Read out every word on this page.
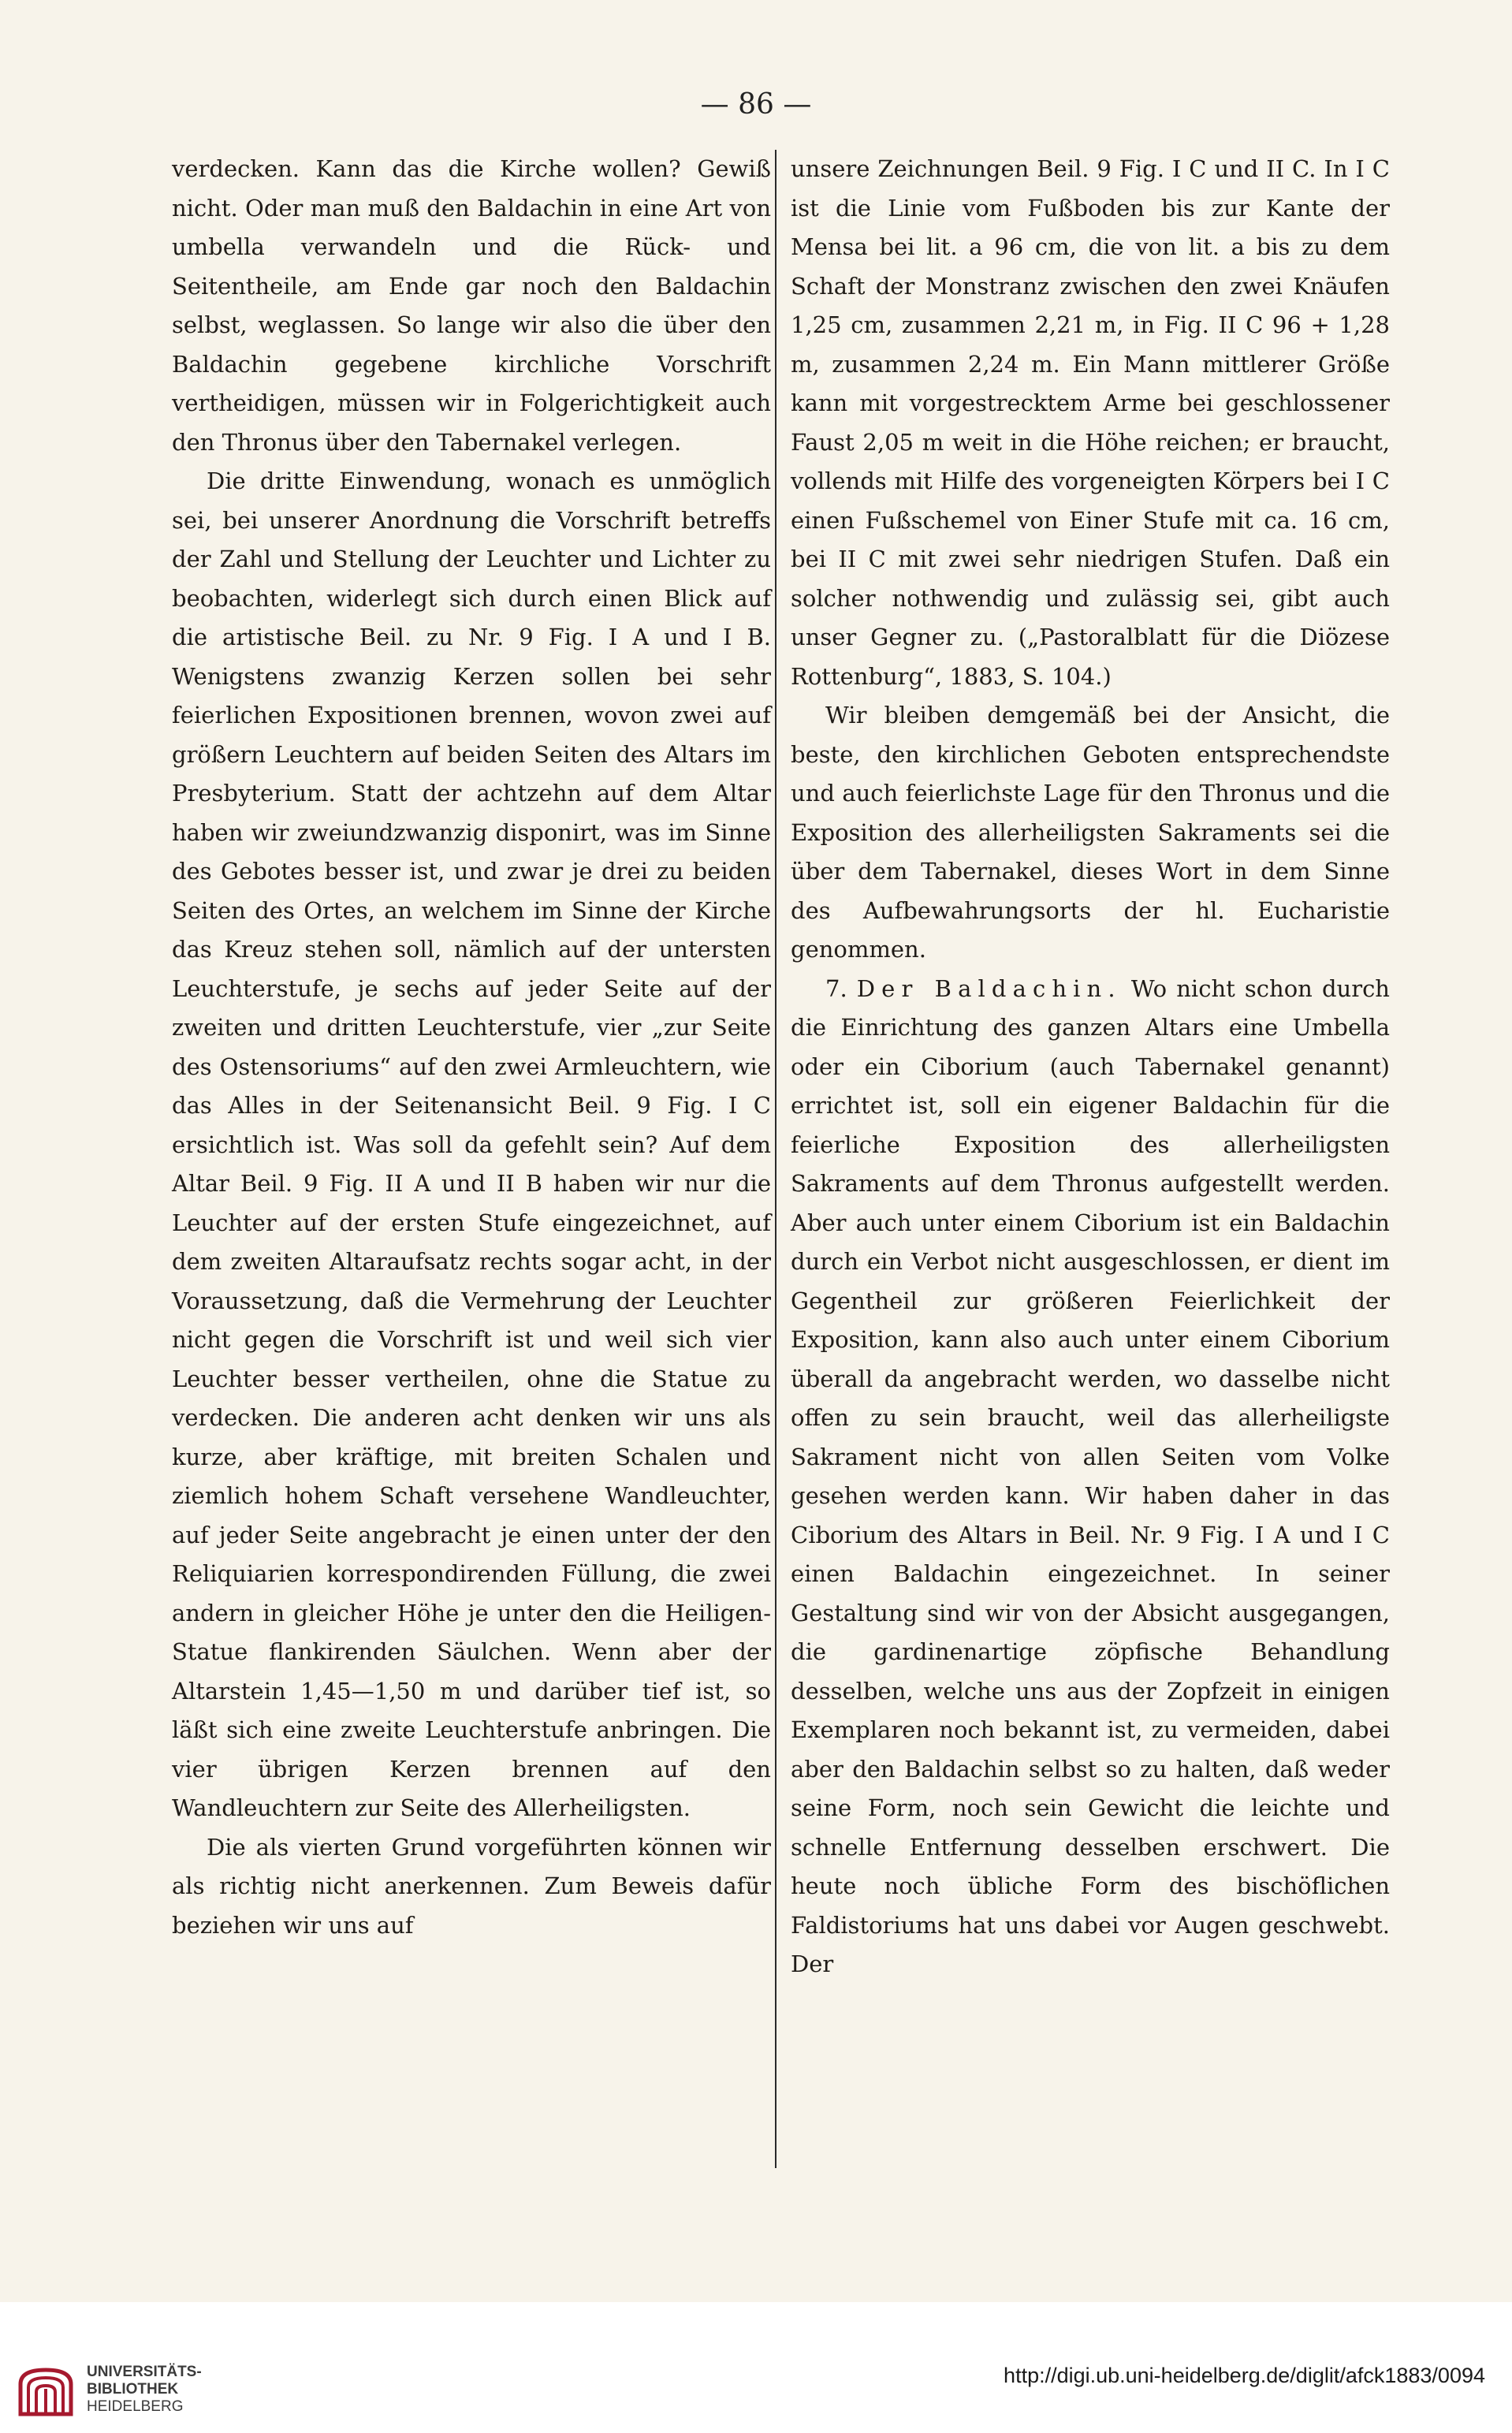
— 86 —

verdecken. Kann das die Kirche wollen? Gewiß nicht. Oder man muß den Baldachin in eine Art von umbella verwandeln und die Rück- und Seitentheile, am Ende gar noch den Baldachin selbst, weglassen. So lange wir also die über den Baldachin gegebene kirchliche Vorschrift vertheidigen, müssen wir in Folgerichtigkeit auch den Thronus über den Tabernakel verlegen.

Die dritte Einwendung, wonach es unmöglich sei, bei unserer Anordnung die Vorschrift betreffs der Zahl und Stellung der Leuchter und Lichter zu beobachten, widerlegt sich durch einen Blick auf die artistische Beil. zu Nr. 9 Fig. I A und I B. Wenigstens zwanzig Kerzen sollen bei sehr feierlichen Expositionen brennen, wovon zwei auf größern Leuchtern auf beiden Seiten des Altars im Presbyterium. Statt der achtzehn auf dem Altar haben wir zweiundzwanzig disponirt, was im Sinne des Gebotes besser ist, und zwar je drei zu beiden Seiten des Ortes, an welchem im Sinne der Kirche das Kreuz stehen soll, nämlich auf der untersten Leuchterstufe, je sechs auf jeder Seite auf der zweiten und dritten Leuchterstufe, vier „zur Seite des Ostensoriums“ auf den zwei Armleuchtern, wie das Alles in der Seitenansicht Beil. 9 Fig. I C ersichtlich ist. Was soll da gefehlt sein? Auf dem Altar Beil. 9 Fig. II A und II B haben wir nur die Leuchter auf der ersten Stufe eingezeichnet, auf dem zweiten Altaraufsatz rechts sogar acht, in der Voraussetzung, daß die Vermehrung der Leuchter nicht gegen die Vorschrift ist und weil sich vier Leuchter besser vertheilen, ohne die Statue zu verdecken. Die anderen acht denken wir uns als kurze, aber kräftige, mit breiten Schalen und ziemlich hohem Schaft versehene Wandleuchter, auf jeder Seite angebracht je einen unter der den Reliquiarien korrespondirenden Füllung, die zwei andern in gleicher Höhe je unter den die Heiligen-Statue flankirenden Säulchen. Wenn aber der Altarstein 1,45—1,50 m und darüber tief ist, so läßt sich eine zweite Leuchterstufe anbringen. Die vier übrigen Kerzen brennen auf den Wandleuchtern zur Seite des Allerheiligsten.

Die als vierten Grund vorgeführten können wir als richtig nicht anerkennen. Zum Beweis dafür beziehen wir uns auf

unsere Zeichnungen Beil. 9 Fig. I C und II C. In I C ist die Linie vom Fußboden bis zur Kante der Mensa bei lit. a 96 cm, die von lit. a bis zu dem Schaft der Monstranz zwischen den zwei Knäufen 1,25 cm, zusammen 2,21 m, in Fig. II C 96 + 1,28 m, zusammen 2,24 m. Ein Mann mittlerer Größe kann mit vorgestrecktem Arme bei geschlossener Faust 2,05 m weit in die Höhe reichen; er braucht, vollends mit Hilfe des vorgeneigten Körpers bei I C einen Fußschemel von Einer Stufe mit ca. 16 cm, bei II C mit zwei sehr niedrigen Stufen. Daß ein solcher nothwendig und zulässig sei, gibt auch unser Gegner zu. („Pastoralblatt für die Diözese Rottenburg“, 1883, S. 104.)

Wir bleiben demgemäß bei der Ansicht, die beste, den kirchlichen Geboten entsprechendste und auch feierlichste Lage für den Thronus und die Exposition des allerheiligsten Sakraments sei die über dem Tabernakel, dieses Wort in dem Sinne des Aufbewahrungsorts der hl. Eucharistie genommen.

7. Der Baldachin. Wo nicht schon durch die Einrichtung des ganzen Altars eine Umbella oder ein Ciborium (auch Tabernakel genannt) errichtet ist, soll ein eigener Baldachin für die feierliche Exposition des allerheiligsten Sakraments auf dem Thronus aufgestellt werden. Aber auch unter einem Ciborium ist ein Baldachin durch ein Verbot nicht ausgeschlossen, er dient im Gegentheil zur größeren Feierlichkeit der Exposition, kann also auch unter einem Ciborium überall da angebracht werden, wo dasselbe nicht offen zu sein braucht, weil das allerheiligste Sakrament nicht von allen Seiten vom Volke gesehen werden kann. Wir haben daher in das Ciborium des Altars in Beil. Nr. 9 Fig. I A und I C einen Baldachin eingezeichnet. In seiner Gestaltung sind wir von der Absicht ausgegangen, die gardinenartige zöpfische Behandlung desselben, welche uns aus der Zopfzeit in einigen Exemplaren noch bekannt ist, zu vermeiden, dabei aber den Baldachin selbst so zu halten, daß weder seine Form, noch sein Gewicht die leichte und schnelle Entfernung desselben erschwert. Die heute noch übliche Form des bischöflichen Faldistoriums hat uns dabei vor Augen geschwebt. Der

UNIVERSITÄTS-
BIBLIOTHEK
HEIDELBERG
http://digi.ub.uni-heidelberg.de/diglit/afck1883/0094
